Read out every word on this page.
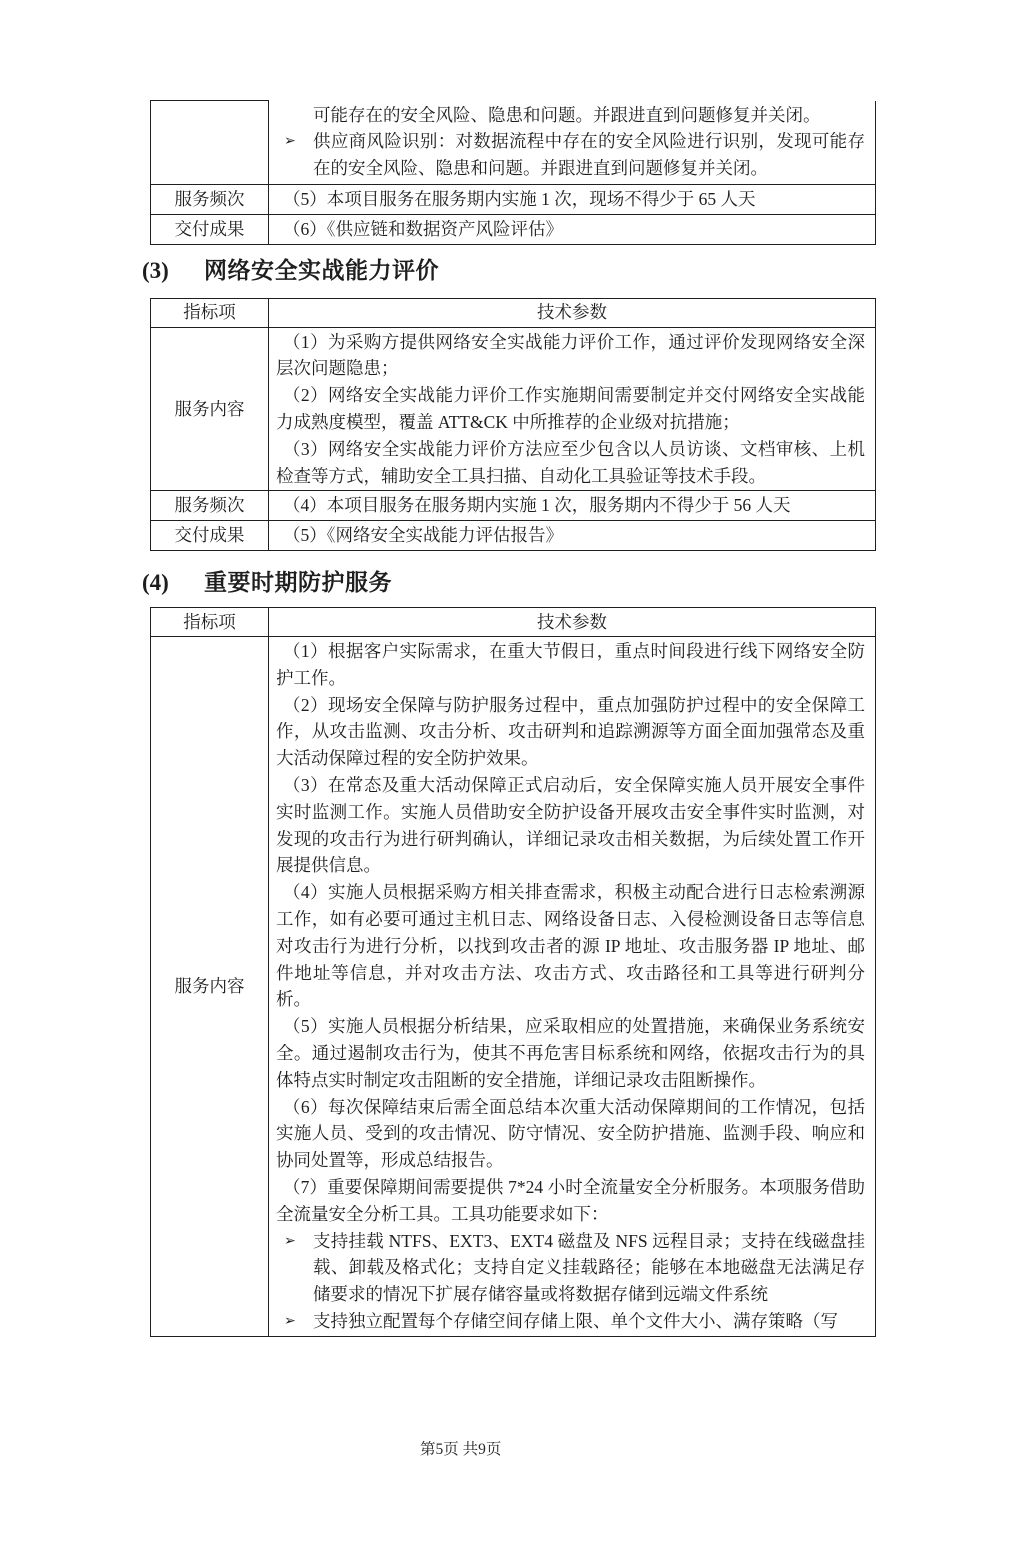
	可能存在的安全风险、隐患和问题。并跟进直到问题修复并关闭。
➢ 供应商风险识别：对数据流程中存在的安全风险进行识别，发现可能存在的安全风险、隐患和问题。并跟进直到问题修复并关闭。

服务频次	（5）本项目服务在服务期内实施 1 次，现场不得少于 65 人天

交付成果	（6）《供应链和数据资产风险评估》
(3) 网络安全实战能力评价
指标项	技术参数
服务内容	（1）为采购方提供网络安全实战能力评价工作，通过评价发现网络安全深层次问题隐患；
（2）网络安全实战能力评价工作实施期间需要制定并交付网络安全实战能力成熟度模型，覆盖 ATT&CK 中所推荐的企业级对抗措施；
（3）网络安全实战能力评价方法应至少包含以人员访谈、文档审核、上机检查等方式，辅助安全工具扫描、自动化工具验证等技术手段。

服务频次	（4）本项目服务在服务期内实施 1 次，服务期内不得少于 56 人天

交付成果	（5）《网络安全实战能力评估报告》
(4) 重要时期防护服务
指标项	技术参数
服务内容	
（1）根据客户实际需求，在重大节假日，重点时间段进行线下网络安全防护工作。
（2）现场安全保障与防护服务过程中，重点加强防护过程中的安全保障工作，从攻击监测、攻击分析、攻击研判和追踪溯源等方面全面加强常态及重大活动保障过程的安全防护效果。
（3）在常态及重大活动保障正式启动后，安全保障实施人员开展安全事件实时监测工作。实施人员借助安全防护设备开展攻击安全事件实时监测，对发现的攻击行为进行研判确认，详细记录攻击相关数据，为后续处置工作开展提供信息。
（4）实施人员根据采购方相关排查需求，积极主动配合进行日志检索溯源工作，如有必要可通过主机日志、网络设备日志、入侵检测设备日志等信息对攻击行为进行分析，以找到攻击者的源 IP 地址、攻击服务器 IP 地址、邮件地址等信息，并对攻击方法、攻击方式、攻击路径和工具等进行研判分析。
（5）实施人员根据分析结果，应采取相应的处置措施，来确保业务系统安全。通过遏制攻击行为，使其不再危害目标系统和网络，依据攻击行为的具体特点实时制定攻击阻断的安全措施，详细记录攻击阻断操作。
（6）每次保障结束后需全面总结本次重大活动保障期间的工作情况，包括实施人员、受到的攻击情况、防守情况、安全防护措施、监测手段、响应和协同处置等，形成总结报告。
（7）重要保障期间需要提供 7*24 小时全流量安全分析服务。本项服务借助全流量安全分析工具。工具功能要求如下：
➢ 支持挂载 NTFS、EXT3、EXT4 磁盘及 NFS 远程目录；支持在线磁盘挂载、卸载及格式化；支持自定义挂载路径；能够在本地磁盘无法满足存储要求的情况下扩展存储容量或将数据存储到远端文件系统
➢ 支持独立配置每个存储空间存储上限、单个文件大小、满存策略（写
第5页 共9页
